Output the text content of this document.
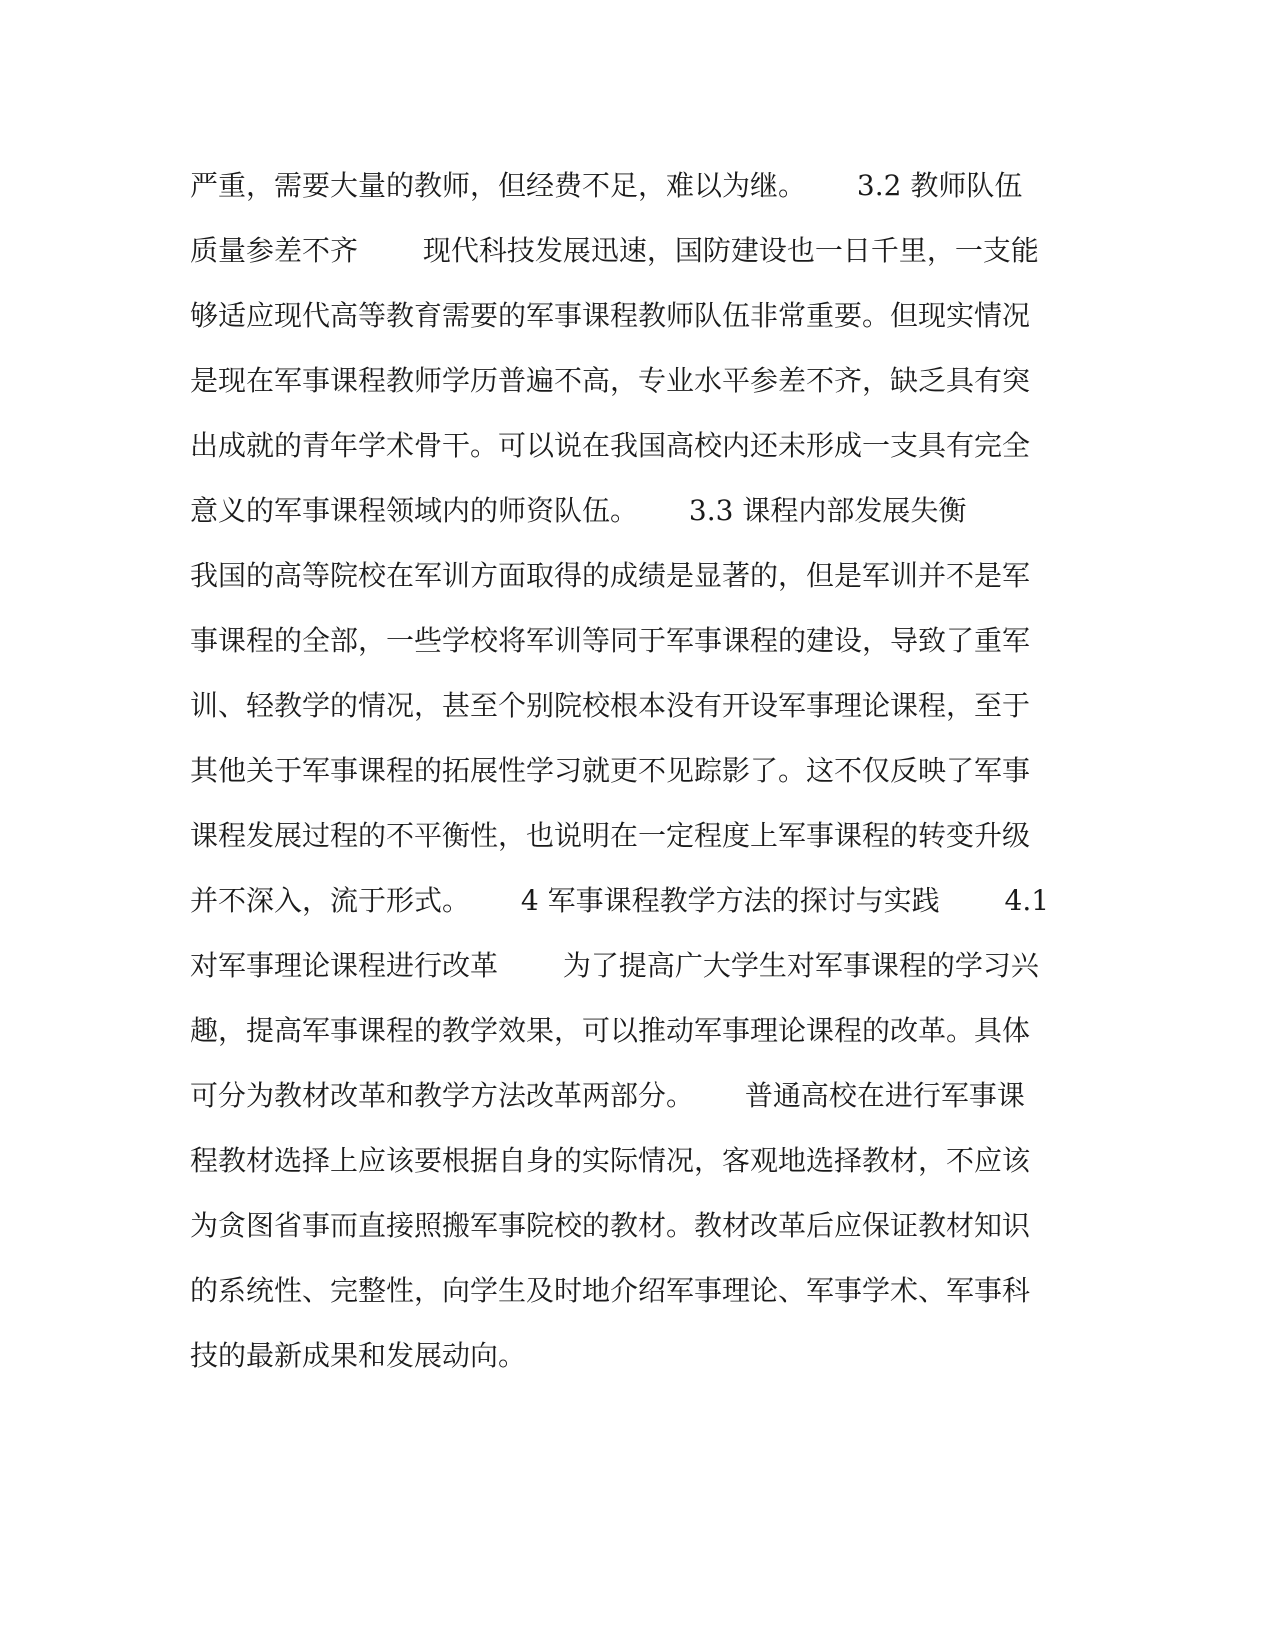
严重，需要大量的教师，但经费不足，难以为继。　　 3.2 教师队伍
质量参差不齐　　 现代科技发展迅速，国防建设也一日千里，一支能
够适应现代高等教育需要的军事课程教师队伍非常重要。但现实情况
是现在军事课程教师学历普遍不高，专业水平参差不齐，缺乏具有突
出成就的青年学术骨干。可以说在我国高校内还未形成一支具有完全
意义的军事课程领域内的师资队伍。　　 3.3 课程内部发展失衡
我国的高等院校在军训方面取得的成绩是显著的，但是军训并不是军
事课程的全部，一些学校将军训等同于军事课程的建设，导致了重军
训、轻教学的情况，甚至个别院校根本没有开设军事理论课程，至于
其他关于军事课程的拓展性学习就更不见踪影了。这不仅反映了军事
课程发展过程的不平衡性，也说明在一定程度上军事课程的转变升级
并不深入，流于形式。　　 4 军事课程教学方法的探讨与实践　　 4.1
对军事理论课程进行改革　　 为了提高广大学生对军事课程的学习兴
趣，提高军事课程的教学效果，可以推动军事理论课程的改革。具体
可分为教材改革和教学方法改革两部分。　　 普通高校在进行军事课
程教材选择上应该要根据自身的实际情况，客观地选择教材，不应该
为贪图省事而直接照搬军事院校的教材。教材改革后应保证教材知识
的系统性、完整性，向学生及时地介绍军事理论、军事学术、军事科
技的最新成果和发展动向。
